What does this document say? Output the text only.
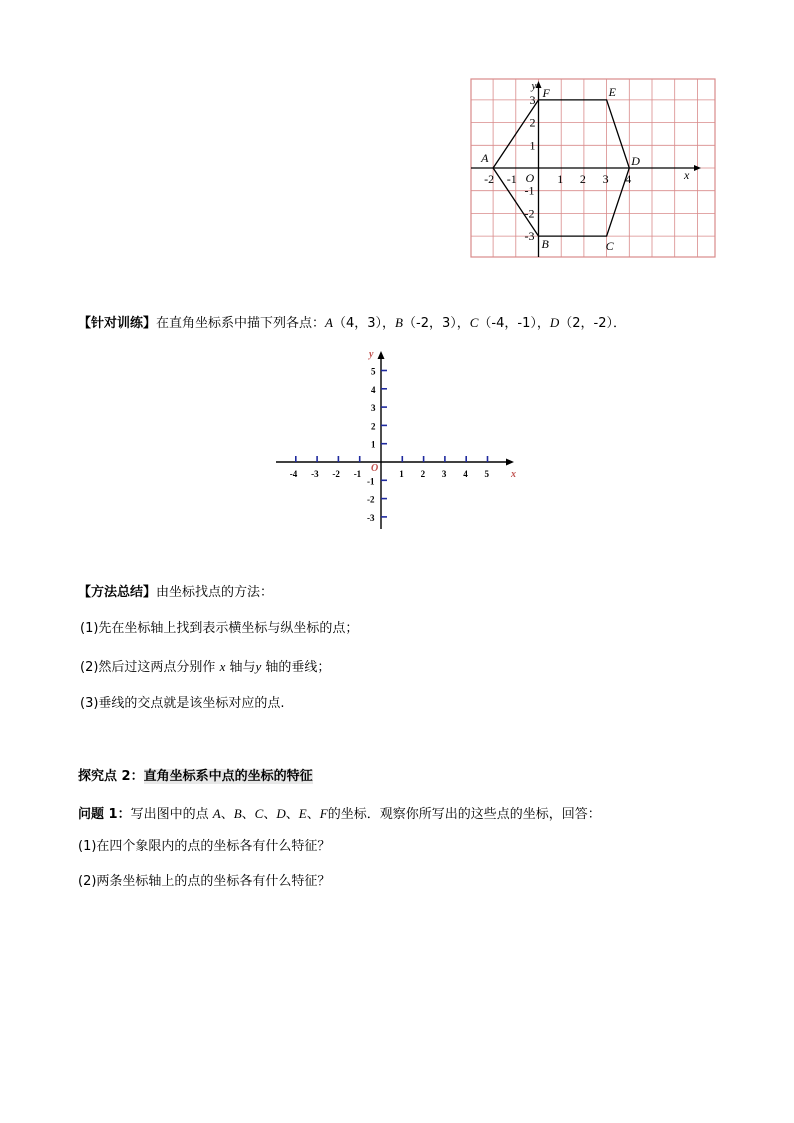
x
y
O
-2 -1	1 2 3 4
3
2
1
-1
-2
-3
A
F	E
D
C
B
【针对训练】在直角坐标系中描下列各点：A（4，3），B（-2，3），C（-4，-1），D（2，-2）．
x
y
O
-4 -3 -2 -1	1 2 3 4 5
5
4
3
2
1
-1
-2
-3
【方法总结】由坐标找点的方法：
(1)先在坐标轴上找到表示横坐标与纵坐标的点；
(2)然后过这两点分别作 x 轴与y 轴的垂线；
(3)垂线的交点就是该坐标对应的点.
探究点 2：直角坐标系中点的坐标的特征
问题 1：写出图中的点 A、B、C、D、E、F的坐标．观察你所写出的这些点的坐标，回答：
(1)在四个象限内的点的坐标各有什么特征？
(2)两条坐标轴上的点的坐标各有什么特征？
